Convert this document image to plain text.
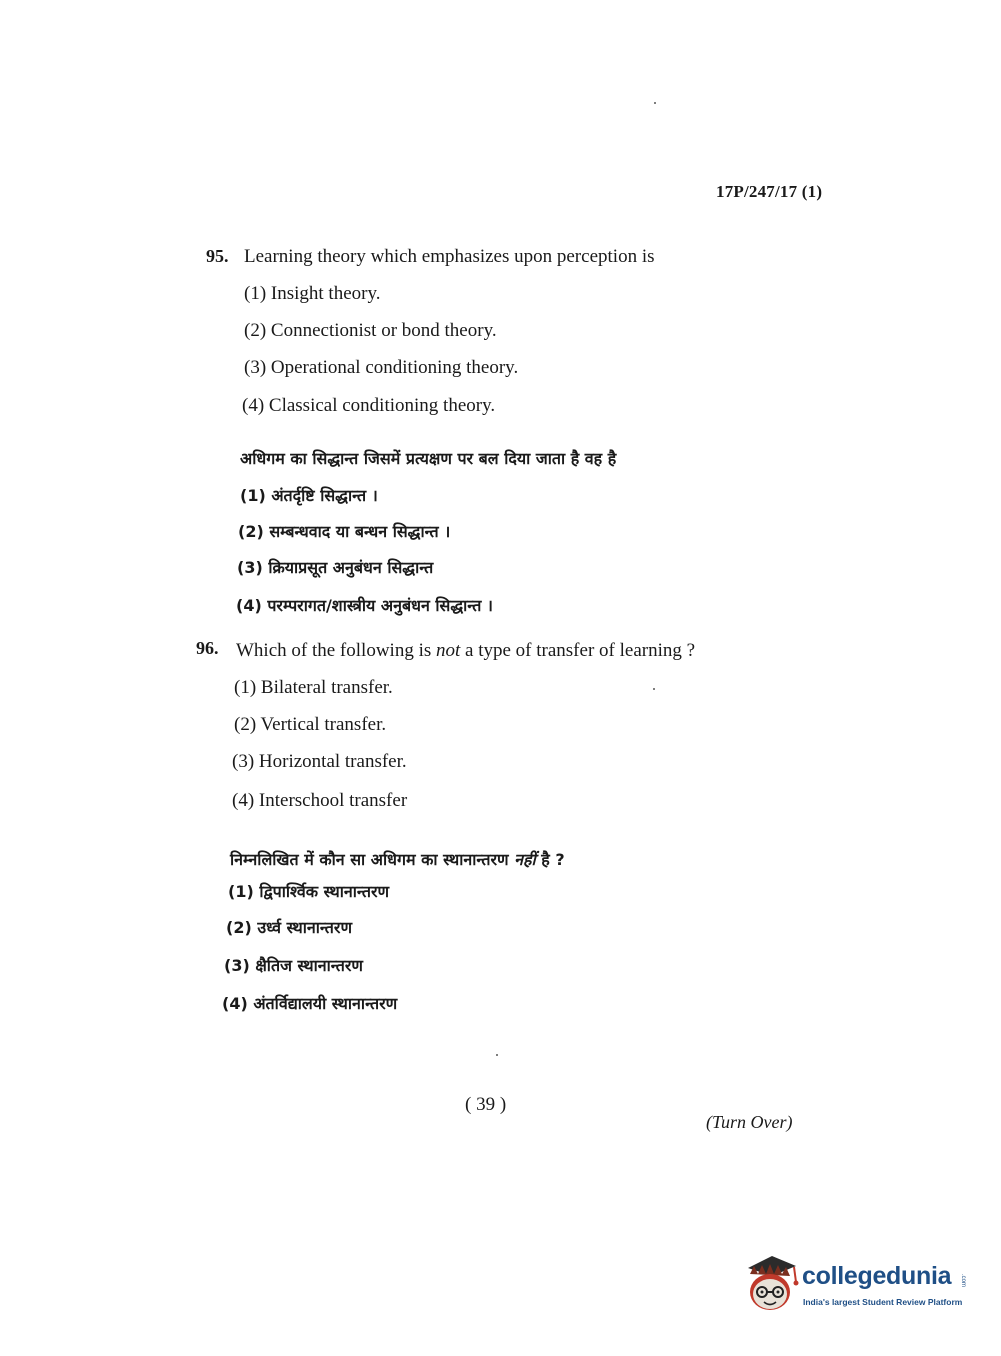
17P/247/17 (1)
95. Learning theory which emphasizes upon perception is
(1) Insight theory.
(2) Connectionist or bond theory.
(3) Operational conditioning theory.
(4) Classical conditioning theory.
अधिगम का सिद्धान्त जिसमें प्रत्यक्षण पर बल दिया जाता है वह है
(1) अंतर्दृष्टि सिद्धान्त ।
(2) सम्बन्धवाद या बन्धन सिद्धान्त ।
(3) क्रियाप्रसूत अनुबंधन सिद्धान्त
(4) परम्परागत/शास्त्रीय अनुबंधन सिद्धान्त ।
96. Which of the following is not a type of transfer of learning ?
(1) Bilateral transfer.
(2) Vertical transfer.
(3) Horizontal transfer.
(4) Interschool transfer
निम्नलिखित में कौन सा अधिगम का स्थानान्तरण नहीं है ?
(1) द्विपार्श्विक स्थानान्तरण
(2) उर्ध्व स्थानान्तरण
(3) क्षैतिज स्थानान्तरण
(4) अंतर्विद्यालयी स्थानान्तरण
( 39 )
(Turn Over)
collegedunia .com
India's largest Student Review Platform
